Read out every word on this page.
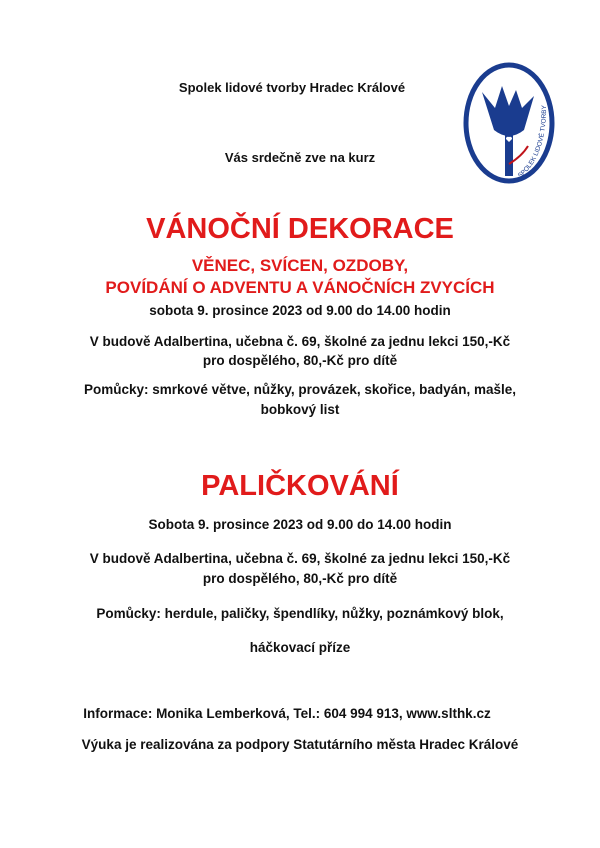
Spolek lidové tvorby Hradec Králové
Vás srdečně zve na kurz
SPOLEK LIDOVÉ TVORBY
VÁNOČNÍ DEKORACE
VĚNEC, SVÍCEN, OZDOBY,
POVÍDÁNÍ O ADVENTU A VÁNOČNÍCH ZVYCÍCH
sobota 9. prosince 2023 od 9.00 do 14.00 hodin
V budově Adalbertina, učebna č. 69, školné za jednu lekci 150,-Kč
pro dospělého, 80,-Kč pro dítě
Pomůcky: smrkové větve, nůžky, provázek, skořice, badyán, mašle,
bobkový list
PALIČKOVÁNÍ
Sobota 9. prosince 2023 od 9.00 do 14.00 hodin
V budově Adalbertina, učebna č. 69, školné za jednu lekci 150,-Kč
pro dospělého, 80,-Kč pro dítě
Pomůcky: herdule, paličky, špendlíky, nůžky, poznámkový blok,
háčkovací příze
Informace: Monika Lemberková, Tel.: 604 994 913, www.slthk.cz
Výuka je realizována za podpory Statutárního města Hradec Králové
